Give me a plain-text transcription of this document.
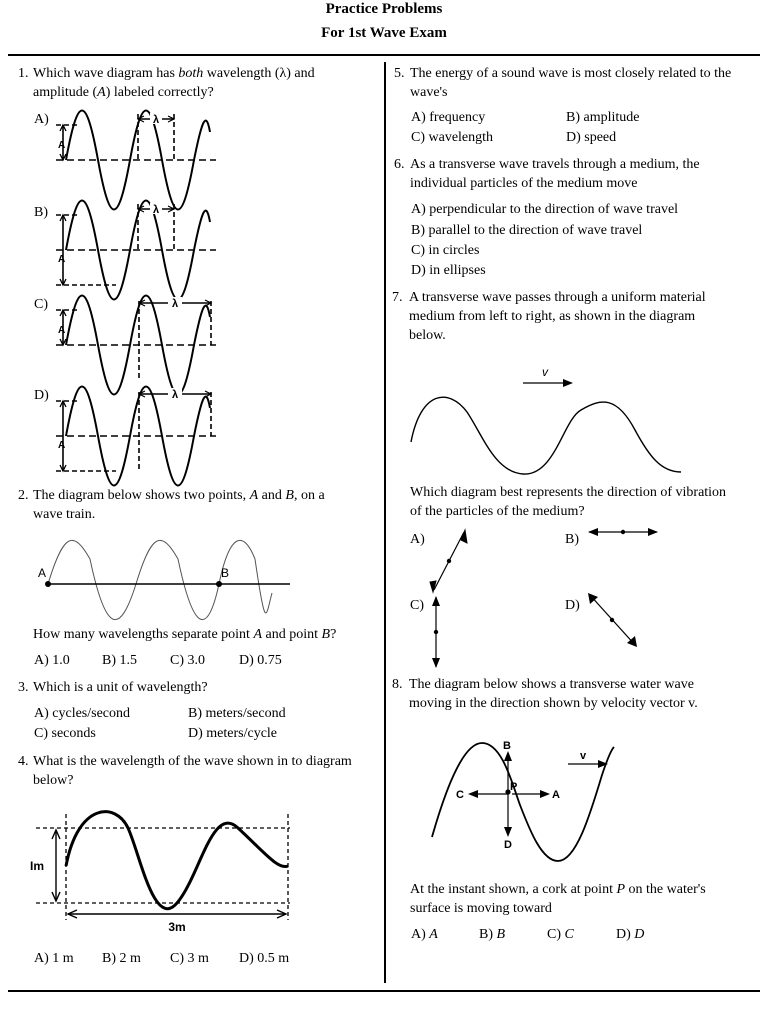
Practice Problems
For 1st Wave Exam
1. Which wave diagram has both wavelength (λ) and
amplitude (A) labeled correctly?
A)
A
λ
B)
A
λ
C)
A
λ
D)
A
λ
2. The diagram below shows two points, A and B, on a
wave train.
A	B
How many wavelengths separate point A and point B?
A) 1.0 B) 1.5 C) 3.0 D) 0.75
3. Which is a unit of wavelength?
A) cycles/second	B) meters/second
C) seconds	D) meters/cycle
4. What is the wavelength of the wave shown in to diagram
below?
Im
3m
A) 1 m B) 2 m C) 3 m D) 0.5 m
5. The energy of a sound wave is most closely related to the
wave's
A) frequency	B) amplitude
C) wavelength	D) speed
6. As a transverse wave travels through a medium, the
individual particles of the medium move
A) perpendicular to the direction of wave travel
B) parallel to the direction of wave travel
C) in circles
D) in ellipses
7. A transverse wave passes through a uniform material
medium from left to right, as shown in the diagram
below.
v
Which diagram best represents the direction of vibration
of the particles of the medium?
A)	B)
C)	D)
8. The diagram below shows a transverse water wave
moving in the direction shown by velocity vector v.
B
D
C	A
P
v
At the instant shown, a cork at point P on the water's
surface is moving toward
A) A	B) B	C) C	D) D
